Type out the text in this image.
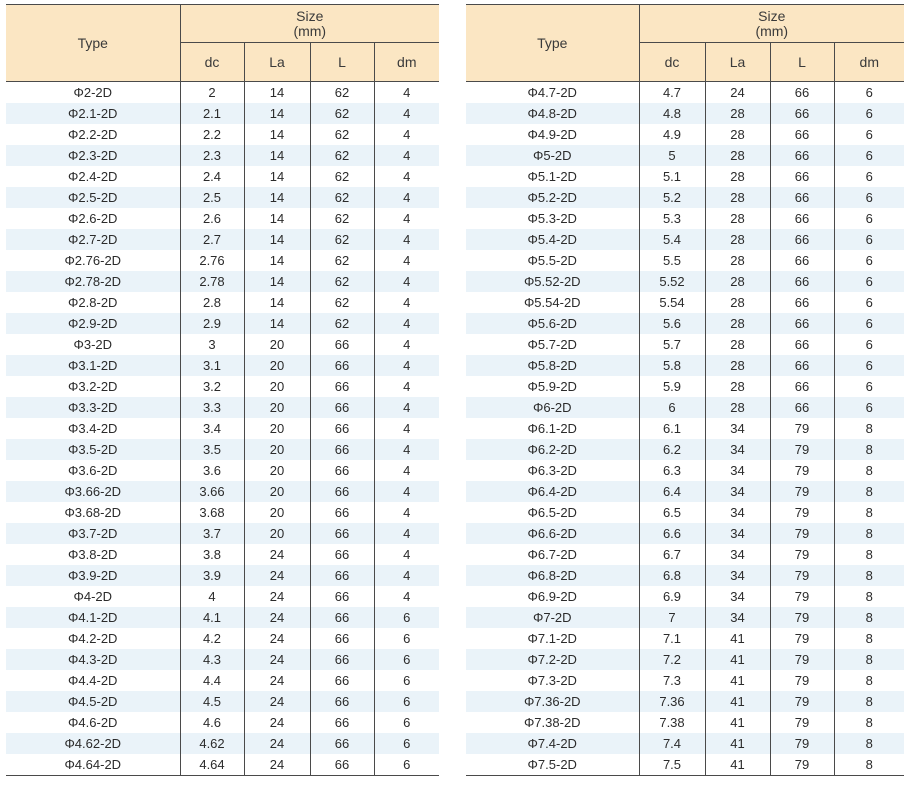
Type	Size
(mm)			

	dc	La	L	dm
Φ2-2D	2	14	62	4
Φ2.1-2D	2.1	14	62	4
Φ2.2-2D	2.2	14	62	4
Φ2.3-2D	2.3	14	62	4
Φ2.4-2D	2.4	14	62	4
Φ2.5-2D	2.5	14	62	4
Φ2.6-2D	2.6	14	62	4
Φ2.7-2D	2.7	14	62	4
Φ2.76-2D	2.76	14	62	4
Φ2.78-2D	2.78	14	62	4
Φ2.8-2D	2.8	14	62	4
Φ2.9-2D	2.9	14	62	4
Φ3-2D	3	20	66	4
Φ3.1-2D	3.1	20	66	4
Φ3.2-2D	3.2	20	66	4
Φ3.3-2D	3.3	20	66	4
Φ3.4-2D	3.4	20	66	4
Φ3.5-2D	3.5	20	66	4
Φ3.6-2D	3.6	20	66	4
Φ3.66-2D	3.66	20	66	4
Φ3.68-2D	3.68	20	66	4
Φ3.7-2D	3.7	20	66	4
Φ3.8-2D	3.8	24	66	4
Φ3.9-2D	3.9	24	66	4
Φ4-2D	4	24	66	4
Φ4.1-2D	4.1	24	66	6
Φ4.2-2D	4.2	24	66	6
Φ4.3-2D	4.3	24	66	6
Φ4.4-2D	4.4	24	66	6
Φ4.5-2D	4.5	24	66	6
Φ4.6-2D	4.6	24	66	6
Φ4.62-2D	4.62	24	66	6
Φ4.64-2D	4.64	24	66	6
Type	Size
(mm)			

	dc	La	L	dm
Φ4.7-2D	4.7	24	66	6
Φ4.8-2D	4.8	28	66	6
Φ4.9-2D	4.9	28	66	6
Φ5-2D	5	28	66	6
Φ5.1-2D	5.1	28	66	6
Φ5.2-2D	5.2	28	66	6
Φ5.3-2D	5.3	28	66	6
Φ5.4-2D	5.4	28	66	6
Φ5.5-2D	5.5	28	66	6
Φ5.52-2D	5.52	28	66	6
Φ5.54-2D	5.54	28	66	6
Φ5.6-2D	5.6	28	66	6
Φ5.7-2D	5.7	28	66	6
Φ5.8-2D	5.8	28	66	6
Φ5.9-2D	5.9	28	66	6
Φ6-2D	6	28	66	6
Φ6.1-2D	6.1	34	79	8
Φ6.2-2D	6.2	34	79	8
Φ6.3-2D	6.3	34	79	8
Φ6.4-2D	6.4	34	79	8
Φ6.5-2D	6.5	34	79	8
Φ6.6-2D	6.6	34	79	8
Φ6.7-2D	6.7	34	79	8
Φ6.8-2D	6.8	34	79	8
Φ6.9-2D	6.9	34	79	8
Φ7-2D	7	34	79	8
Φ7.1-2D	7.1	41	79	8
Φ7.2-2D	7.2	41	79	8
Φ7.3-2D	7.3	41	79	8
Φ7.36-2D	7.36	41	79	8
Φ7.38-2D	7.38	41	79	8
Φ7.4-2D	7.4	41	79	8
Φ7.5-2D	7.5	41	79	8
